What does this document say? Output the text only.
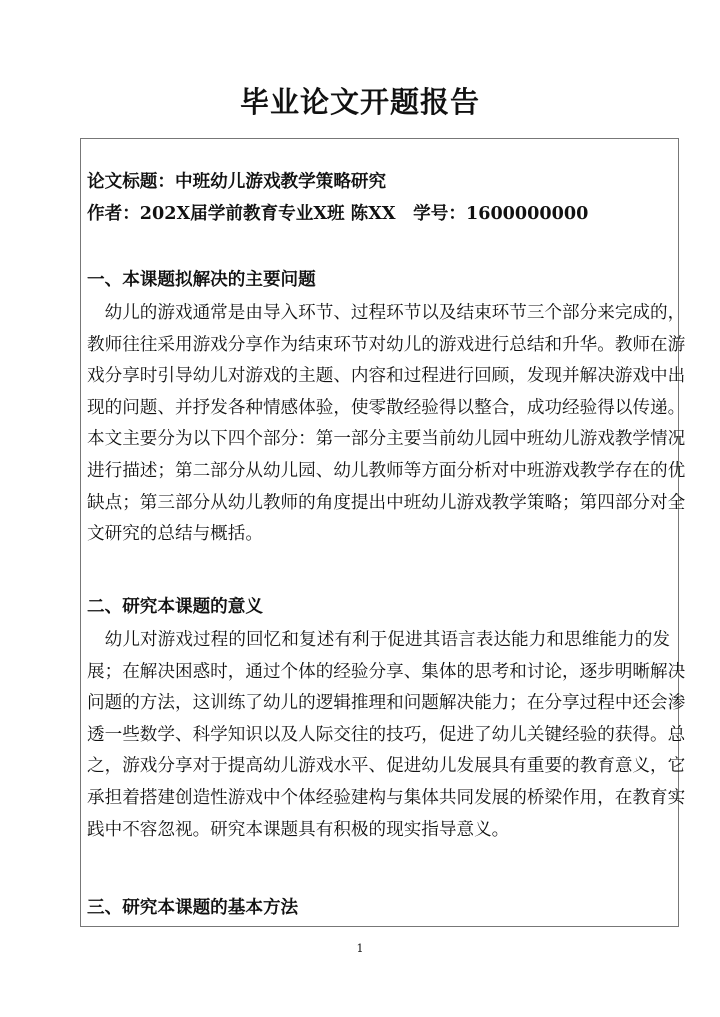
毕业论文开题报告
论文标题：中班幼儿游戏教学策略研究
作者：202X届学前教育专业X班 陈XX　学号：1600000000
一、本课题拟解决的主要问题
　幼儿的游戏通常是由导入环节、过程环节以及结束环节三个部分来完成的，
教师往往采用游戏分享作为结束环节对幼儿的游戏进行总结和升华。教师在游
戏分享时引导幼儿对游戏的主题、内容和过程进行回顾，发现并解决游戏中出
现的问题、并抒发各种情感体验，使零散经验得以整合，成功经验得以传递。
本文主要分为以下四个部分：第一部分主要当前幼儿园中班幼儿游戏教学情况
进行描述；第二部分从幼儿园、幼儿教师等方面分析对中班游戏教学存在的优
缺点；第三部分从幼儿教师的角度提出中班幼儿游戏教学策略；第四部分对全
文研究的总结与概括。
二、研究本课题的意义
　幼儿对游戏过程的回忆和复述有利于促进其语言表达能力和思维能力的发
展；在解决困惑时，通过个体的经验分享、集体的思考和讨论，逐步明晰解决
问题的方法，这训练了幼儿的逻辑推理和问题解决能力；在分享过程中还会渗
透一些数学、科学知识以及人际交往的技巧，促进了幼儿关键经验的获得。总
之，游戏分享对于提高幼儿游戏水平、促进幼儿发展具有重要的教育意义，它
承担着搭建创造性游戏中个体经验建构与集体共同发展的桥梁作用，在教育实
践中不容忽视。研究本课题具有积极的现实指导意义。
三、研究本课题的基本方法
1
